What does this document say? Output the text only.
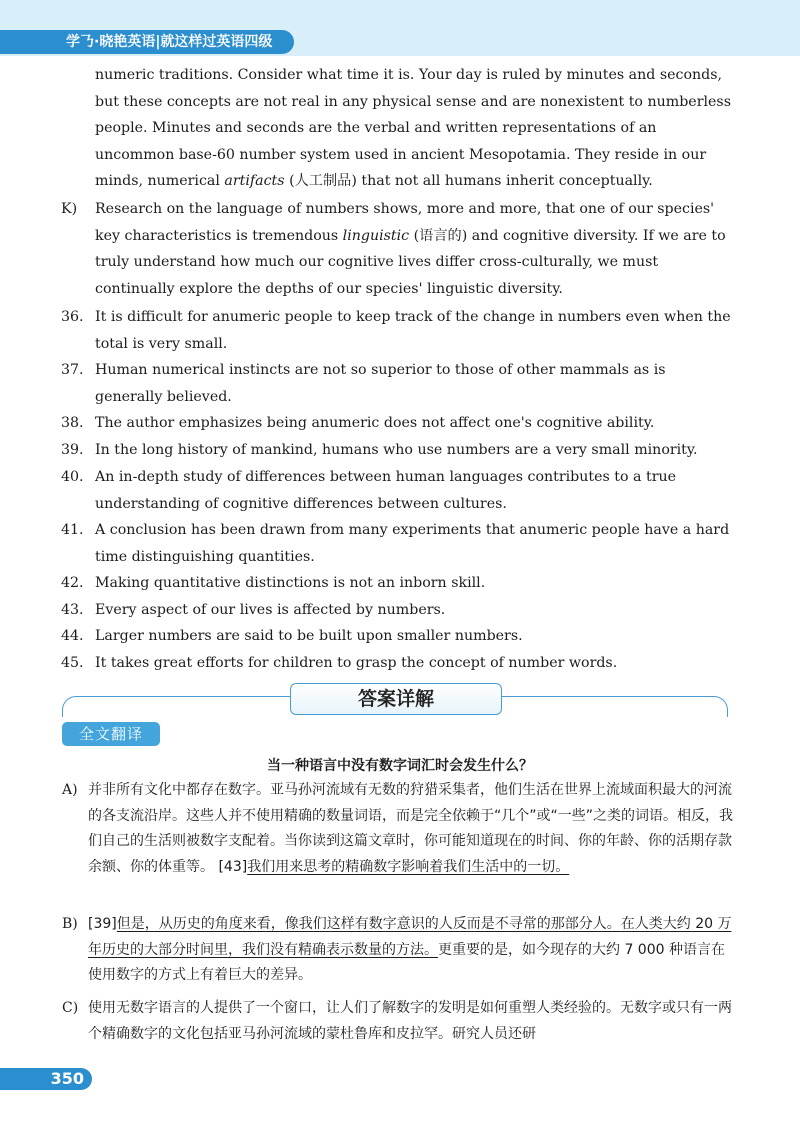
学𠄎·晓艳英语|就这样过英语四级
numeric traditions. Consider what time it is. Your day is ruled by minutes and seconds, but these concepts are not real in any physical sense and are nonexistent to numberless people. Minutes and seconds are the verbal and written representations of an uncommon base-60 number system used in ancient Mesopotamia. They reside in our minds, numerical artifacts (人工制品) that not all humans inherit conceptually.
K) Research on the language of numbers shows, more and more, that one of our species' key characteristics is tremendous linguistic (语言的) and cognitive diversity. If we are to truly understand how much our cognitive lives differ cross-culturally, we must continually explore the depths of our species' linguistic diversity.
36. It is difficult for anumeric people to keep track of the change in numbers even when the total is very small.
37. Human numerical instincts are not so superior to those of other mammals as is generally believed.
38. The author emphasizes being anumeric does not affect one's cognitive ability.
39. In the long history of mankind, humans who use numbers are a very small minority.
40. An in-depth study of differences between human languages contributes to a true understanding of cognitive differences between cultures.
41. A conclusion has been drawn from many experiments that anumeric people have a hard time distinguishing quantities.
42. Making quantitative distinctions is not an inborn skill.
43. Every aspect of our lives is affected by numbers.
44. Larger numbers are said to be built upon smaller numbers.
45. It takes great efforts for children to grasp the concept of number words.
答案详解
全文翻译
当一种语言中没有数字词汇时会发生什么？
A) 并非所有文化中都存在数字。亚马孙河流域有无数的狩猎采集者，他们生活在世界上流域面积最大的河流的各支流沿岸。这些人并不使用精确的数量词语，而是完全依赖于“几个”或“一些”之类的词语。相反，我们自己的生活则被数字支配着。当你读到这篇文章时，你可能知道现在的时间、你的年龄、你的活期存款余额、你的体重等。 [43]我们用来思考的精确数字影响着我们生活中的一切。
B) [39]但是，从历史的角度来看，像我们这样有数字意识的人反而是不寻常的那部分人。在人类大约 20 万年历史的大部分时间里，我们没有精确表示数量的方法。更重要的是，如今现存的大约 7 000 种语言在使用数字的方式上有着巨大的差异。
C) 使用无数字语言的人提供了一个窗口，让人们了解数字的发明是如何重塑人类经验的。无数字或只有一两个精确数字的文化包括亚马孙河流域的蒙杜鲁库和皮拉罕。研究人员还研
350
